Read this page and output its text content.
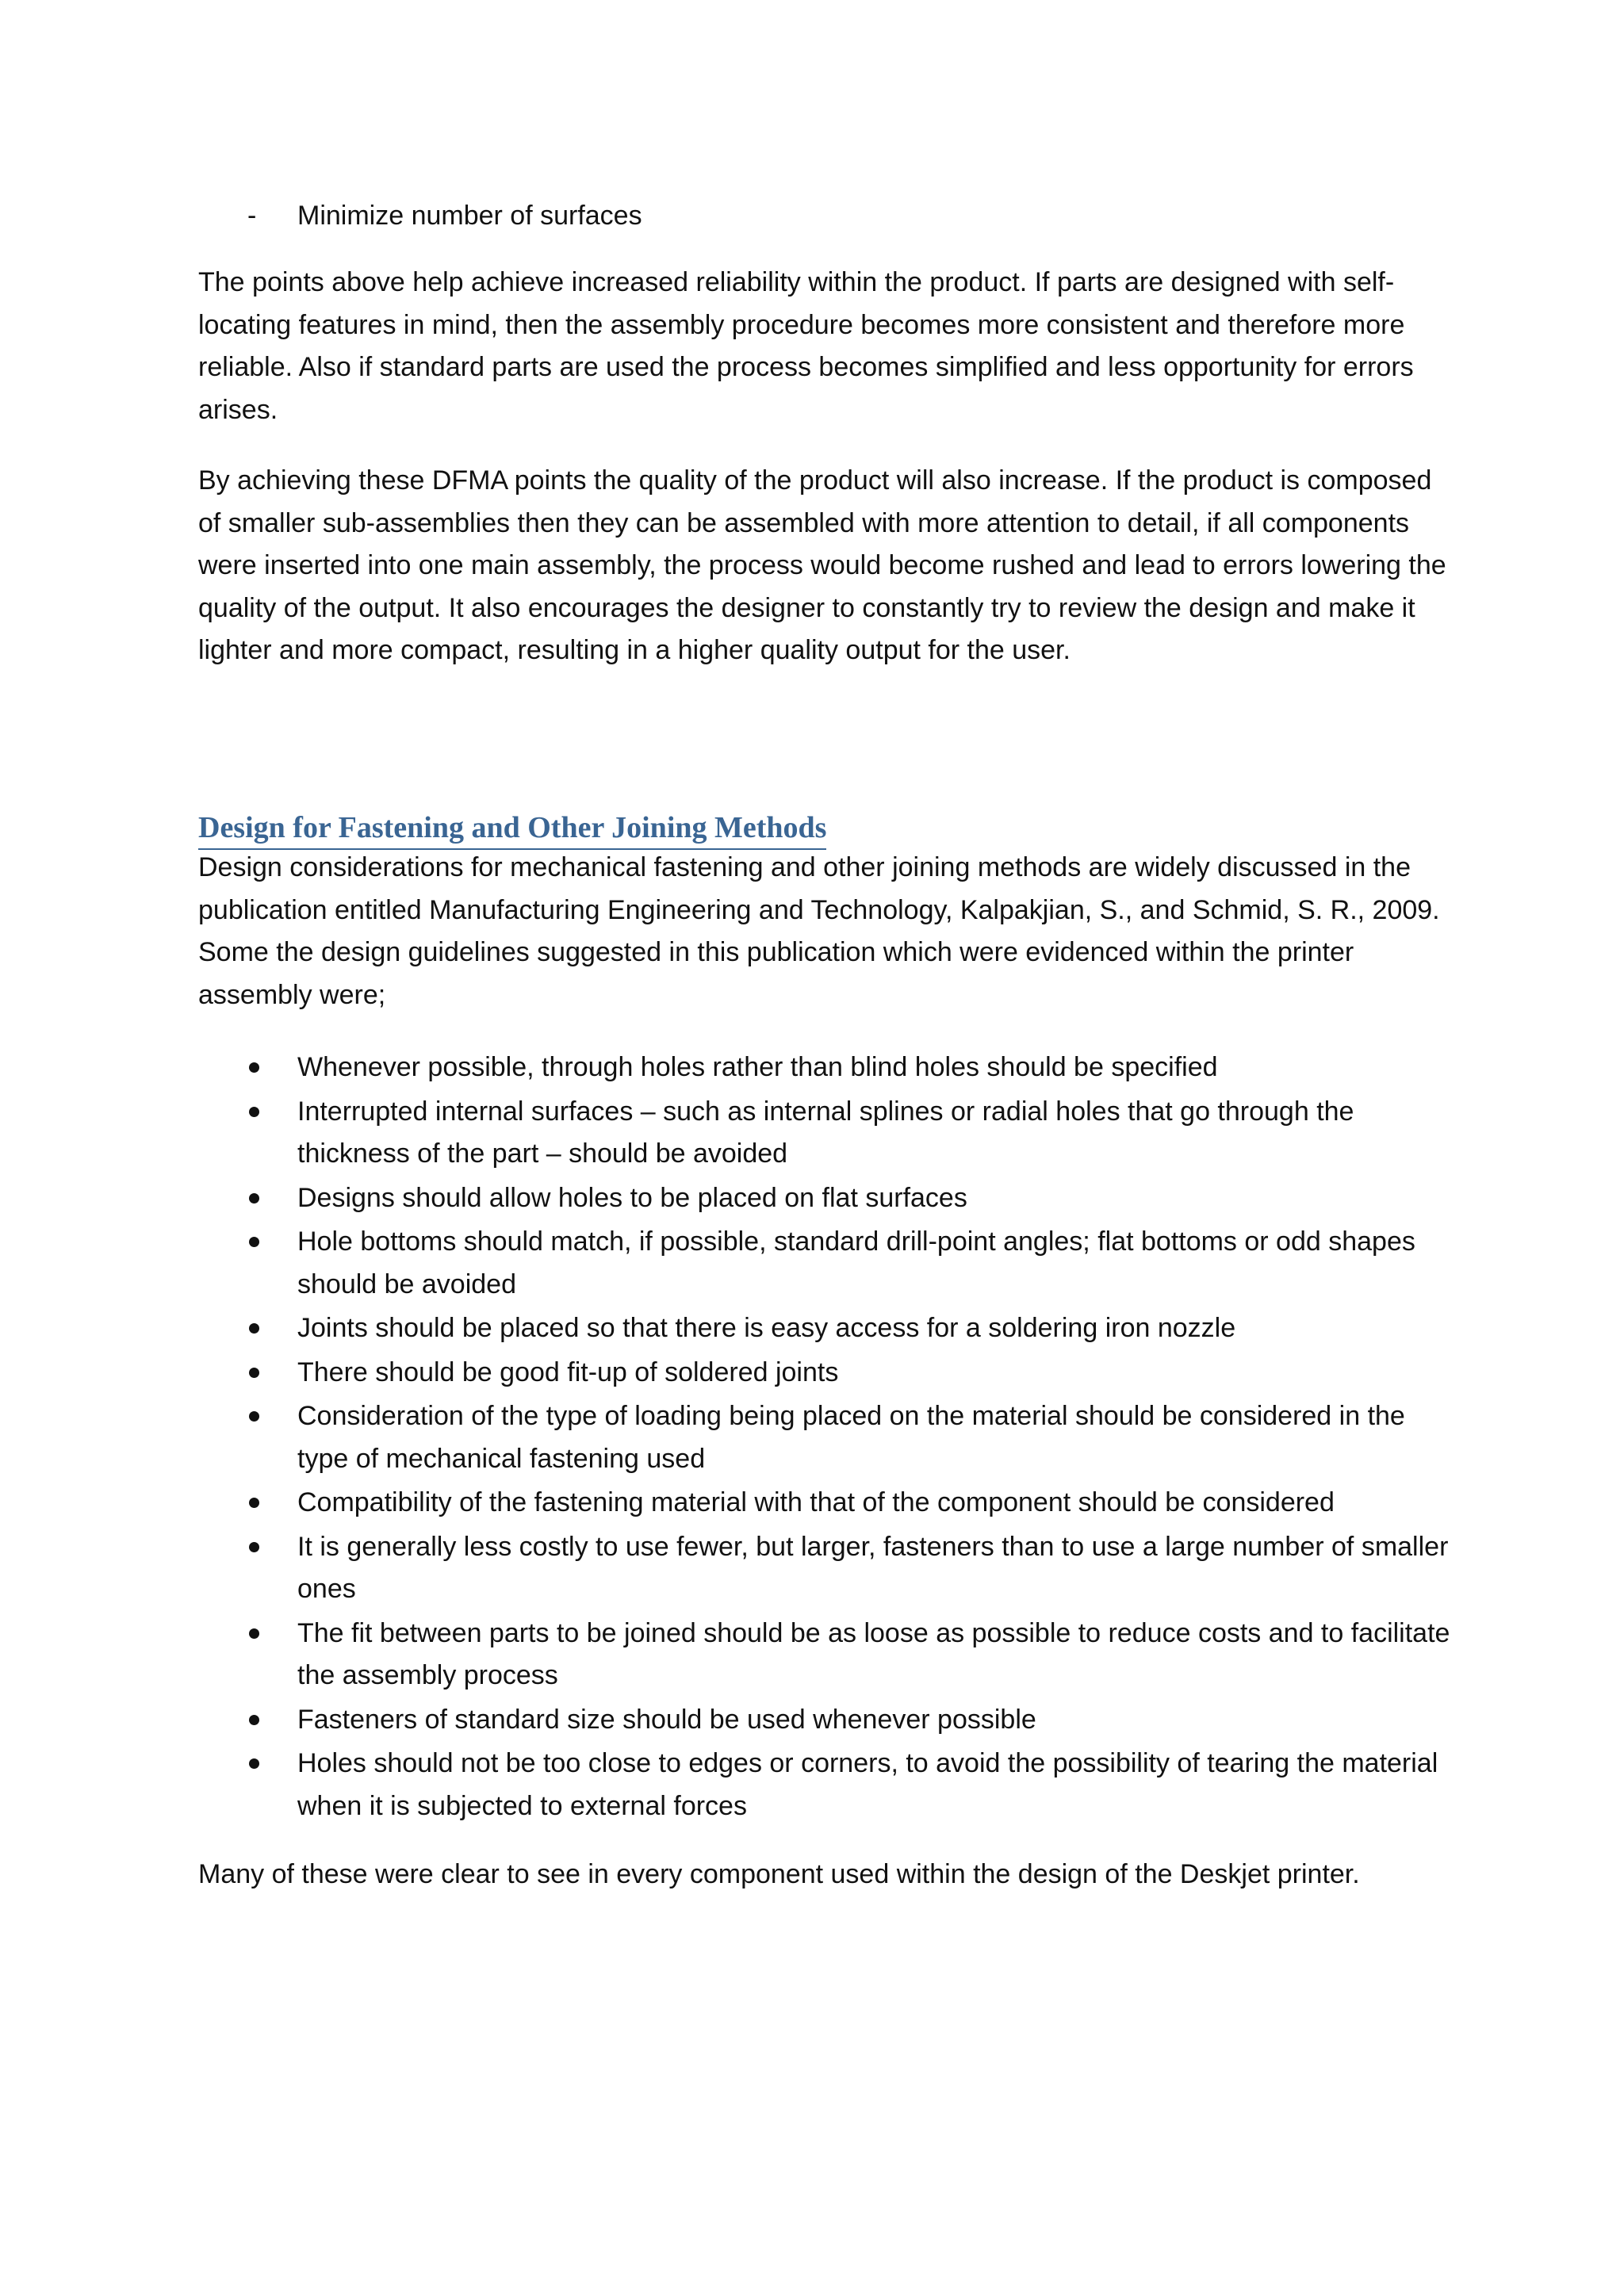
- Minimize number of surfaces

The points above help achieve increased reliability within the product. If parts are designed with self-locating features in mind, then the assembly procedure becomes more consistent and therefore more reliable. Also if standard parts are used the process becomes simplified and less opportunity for errors arises.

By achieving these DFMA points the quality of the product will also increase. If the product is composed of smaller sub-assemblies then they can be assembled with more attention to detail, if all components were inserted into one main assembly, the process would become rushed and lead to errors lowering the quality of the output. It also encourages the designer to constantly try to review the design and make it lighter and more compact, resulting in a higher quality output for the user.

Design for Fastening and Other Joining Methods

Design considerations for mechanical fastening and other joining methods are widely discussed in the publication entitled Manufacturing Engineering and Technology, Kalpakjian, S., and Schmid, S. R., 2009. Some the design guidelines suggested in this publication which were evidenced within the printer assembly were;

Whenever possible, through holes rather than blind holes should be specified
Interrupted internal surfaces – such as internal splines or radial holes that go through the thickness of the part – should be avoided
Designs should allow holes to be placed on flat surfaces
Hole bottoms should match, if possible, standard drill-point angles; flat bottoms or odd shapes should be avoided
Joints should be placed so that there is easy access for a soldering iron nozzle
There should be good fit-up of soldered joints
Consideration of the type of loading being placed on the material should be considered in the type of mechanical fastening used
Compatibility of the fastening material with that of the component should be considered
It is generally less costly to use fewer, but larger, fasteners than to use a large number of smaller ones
The fit between parts to be joined should be as loose as possible to reduce costs and to facilitate the assembly process
Fasteners of standard size should be used whenever possible
Holes should not be too close to edges or corners, to avoid the possibility of tearing the material when it is subjected to external forces

Many of these were clear to see in every component used within the design of the Deskjet printer.
